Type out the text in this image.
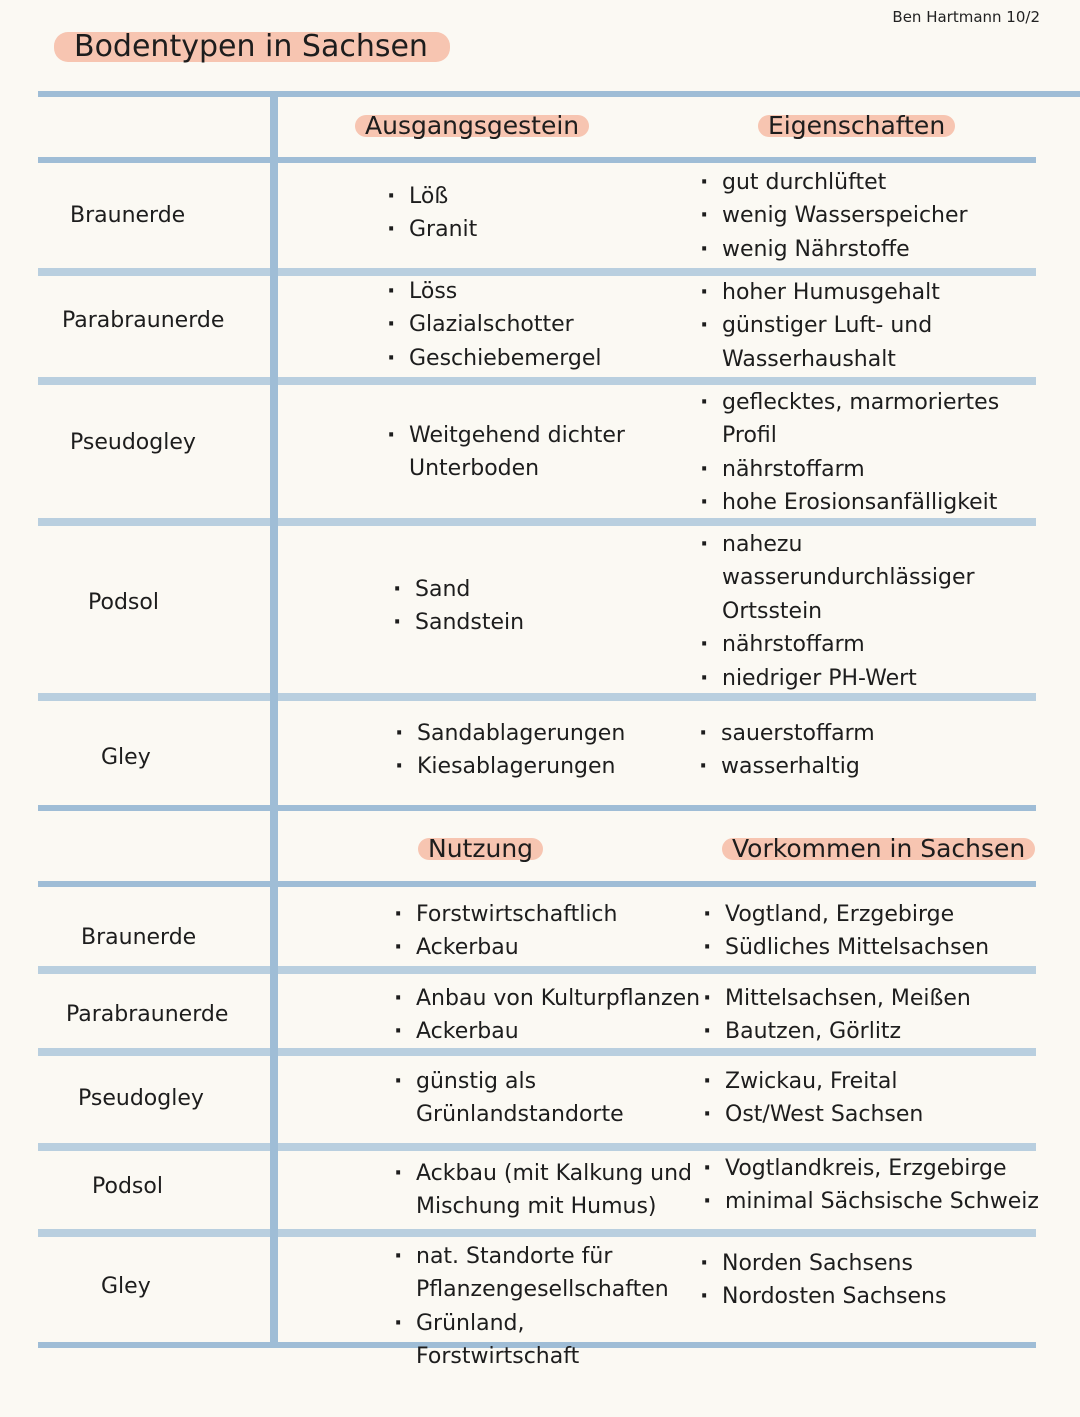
Ben Hartmann 10/2
Bodentypen in Sachsen
Ausgangsgestein	Eigenschaften
Braunerde
· Löß
· Granit
· gut durchlüftet
· wenig Wasserspeicher
· wenig Nährstoffe
Parabraunerde
· Löss
· Glazialschotter
· Geschiebemergel
· hoher Humusgehalt
· günstiger Luft- und Wasserhaushalt
Pseudogley
·	Weitgehend dichter Unterboden
· geflecktes, marmoriertes Profil
· nährstoffarm
· hohe Erosionsanfälligkeit
Podsol
· Sand
· Sandstein
· nahezu wasserundurchlässiger Ortsstein
· nährstoffarm
· niedriger PH-Wert
Gley
· Sandablagerungen
· Kiesablagerungen
· sauerstoffarm
· wasserhaltig
Nutzung	Vorkommen in Sachsen
Braunerde
· Forstwirtschaftlich
· Ackerbau
· Vogtland, Erzgebirge
· Südliches Mittelsachsen
Parabraunerde
· Anbau von Kulturpflanzen
· Ackerbau
· Mittelsachsen, Meißen
· Bautzen, Görlitz
Pseudogley
· günstig als Grünlandstandorte
· Zwickau, Freital
· Ost/West Sachsen
Podsol
· Ackbau (mit Kalkung und Mischung mit Humus)
· Vogtlandkreis, Erzgebirge
· minimal Sächsische Schweiz
Gley
· nat. Standorte für Pflanzengesellschaften
· Grünland, Forstwirtschaft
· Norden Sachsens
· Nordosten Sachsens
